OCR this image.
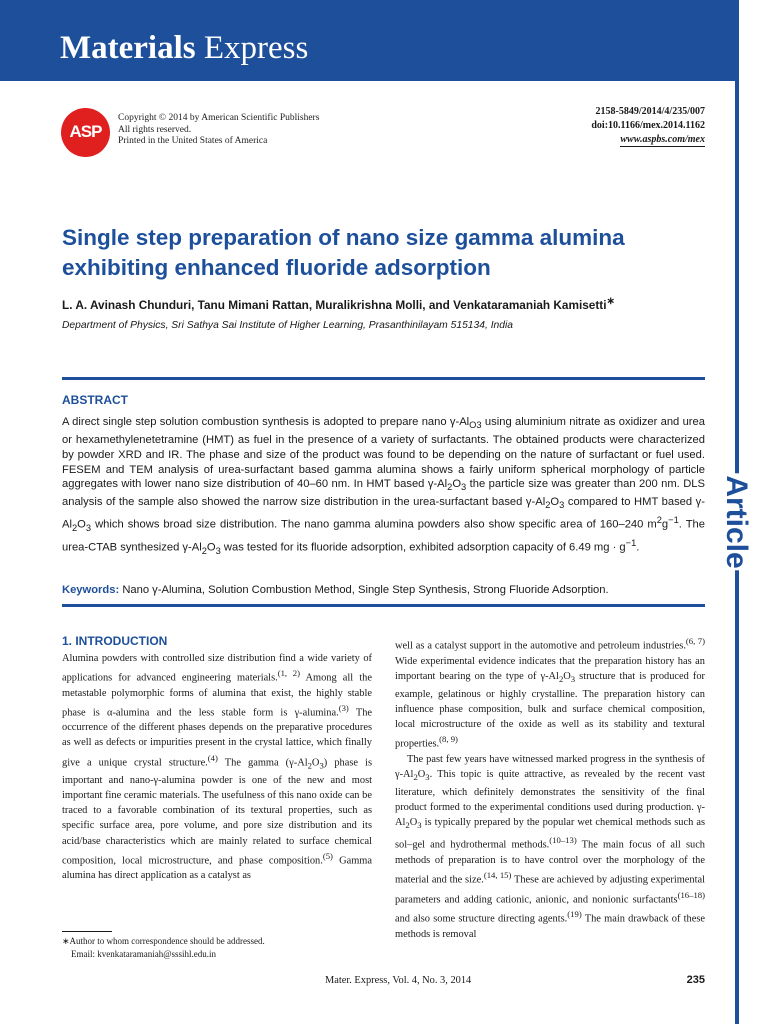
Materials Express
Article
ASP
Copyright © 2014 by American Scientific Publishers
All rights reserved.
Printed in the United States of America
2158-5849/2014/4/235/007
doi:10.1166/mex.2014.1162
www.aspbs.com/mex
Single step preparation of nano size gamma alumina exhibiting enhanced fluoride adsorption
L. A. Avinash Chunduri, Tanu Mimani Rattan, Muralikrishna Molli, and Venkataramaniah Kamisetti∗
Department of Physics, Sri Sathya Sai Institute of Higher Learning, Prasanthinilayam 515134, India
ABSTRACT
A direct single step solution combustion synthesis is adopted to prepare nano $\gamma-Al_{O3}$ using aluminium nitrate as oxidizer and urea or hexamethylenetetramine (HMT) as fuel in the presence of a variety of surfactants. The obtained products were characterized by powder XRD and IR. The phase and size of the product was found to be depending on the nature of surfactant or fuel used. FESEM and TEM analysis of urea-surfactant based gamma alumina shows a fairly uniform spherical morphology of particle aggregates with lower nano size distribution of 40–60 nm. In HMT based $\gamma-Al_2O_3$ the particle size was greater than 200 nm. DLS analysis of the sample also showed the narrow size distribution in the urea-surfactant based $\gamma-Al_2O_3$ compared to HMT based $\gamma-Al_2O_3$ which shows broad size distribution. The nano gamma alumina powders also show specific area of 160–240 $m^2g^{-1}$. The urea-CTAB synthesized $\gamma-Al_2O_3$ was tested for its fluoride adsorption, exhibited adsorption capacity of 6.49 mg · $g^{-1}$.
Keywords: Nano γ-Alumina, Solution Combustion Method, Single Step Synthesis, Strong Fluoride Adsorption.
1. INTRODUCTION
Alumina powders with controlled size distribution find a wide variety of applications for advanced engineering materials.$^{(1, 2)}$ Among all the metastable polymorphic forms of alumina that exist, the highly stable phase is α-alumina and the less stable form is γ-alumina.$^{(3)}$ The occurrence of the different phases depends on the preparative procedures as well as defects or impurities present in the crystal lattice, which finally give a unique crystal structure.$^{(4)}$ The gamma $(\gamma-Al_2O_3)$ phase is important and nano-γ-alumina powder is one of the new and most important fine ceramic materials. The usefulness of this nano oxide can be traced to a favorable combination of its textural properties, such as specific surface area, pore volume, and pore size distribution and its acid/base characteristics which are mainly related to surface chemical composition, local microstructure, and phase composition.$^{(5)}$ Gamma alumina has direct application as a catalyst as

well as a catalyst support in the automotive and petroleum industries.$^{(6, 7)}$ Wide experimental evidence indicates that the preparation history has an important bearing on the type of $\gamma-Al_2O_3$ structure that is produced for example, gelatinous or highly crystalline. The preparation history can influence phase composition, bulk and surface chemical composition, local microstructure of the oxide as well as its stability and textural properties.$^{(8, 9)}$

The past few years have witnessed marked progress in the synthesis of $\gamma-Al_2O_3$. This topic is quite attractive, as revealed by the recent vast literature, which definitely demonstrates the sensitivity of the final product formed to the experimental conditions used during production. $\gamma-Al_2O_3$ is typically prepared by the popular wet chemical methods such as sol–gel and hydrothermal methods.$^{(10-13)}$ The main focus of all such methods of preparation is to have control over the morphology of the material and the size.$^{(14, 15)}$ These are achieved by adjusting experimental parameters and adding cationic, anionic, and nonionic surfactants$^{(16-18)}$ and also some structure directing agents.$^{(19)}$ The main drawback of these methods is removal

∗Author to whom correspondence should be addressed.
Email: kvenkataramaniah@sssihl.edu.in
Mater. Express, Vol. 4, No. 3, 2014	235
